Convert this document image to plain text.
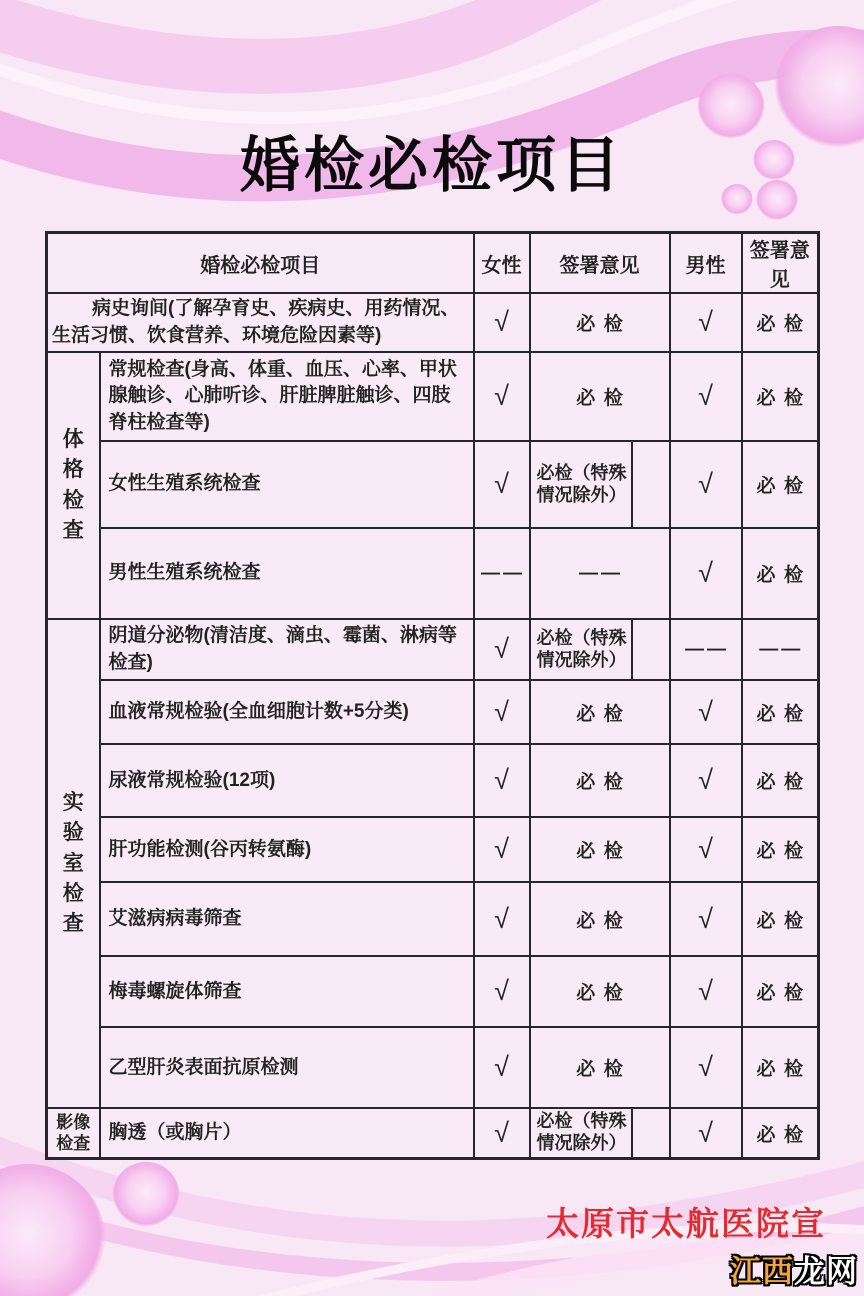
婚检必检项目
婚检必检项目		女性	签署意见		男性	签署意见
病史询间(了解孕育史、疾病史、用药情况、生活习惯、饮食营养、环境危险因素等)		√	必检		√	必检
体格检查	常规检查(身高、体重、血压、心率、甲状腺触诊、心肺听诊、肝脏脾脏触诊、四肢脊柱检查等)	√	必检		√	必检
	女性生殖系统检查	√	必检（特殊情况除外）		√	必检
	男性生殖系统检查	——	——		√	必检
实验室检查	阴道分泌物(清洁度、滴虫、霉菌、淋病等检查)	√	必检（特殊情况除外）		——	——
	血液常规检验(全血细胞计数+5分类)	√	必检		√	必检
	尿液常规检验(12项)	√	必检		√	必检
	肝功能检测(谷丙转氨酶)	√	必检		√	必检
	艾滋病病毒筛查	√	必检		√	必检
	梅毒螺旋体筛查	√	必检		√	必检
	乙型肝炎表面抗原检测	√	必检		√	必检
影像检查	胸透（或胸片）	√	必检（特殊情况除外）		√	必检
太原市太航医院宣
江西龙网
